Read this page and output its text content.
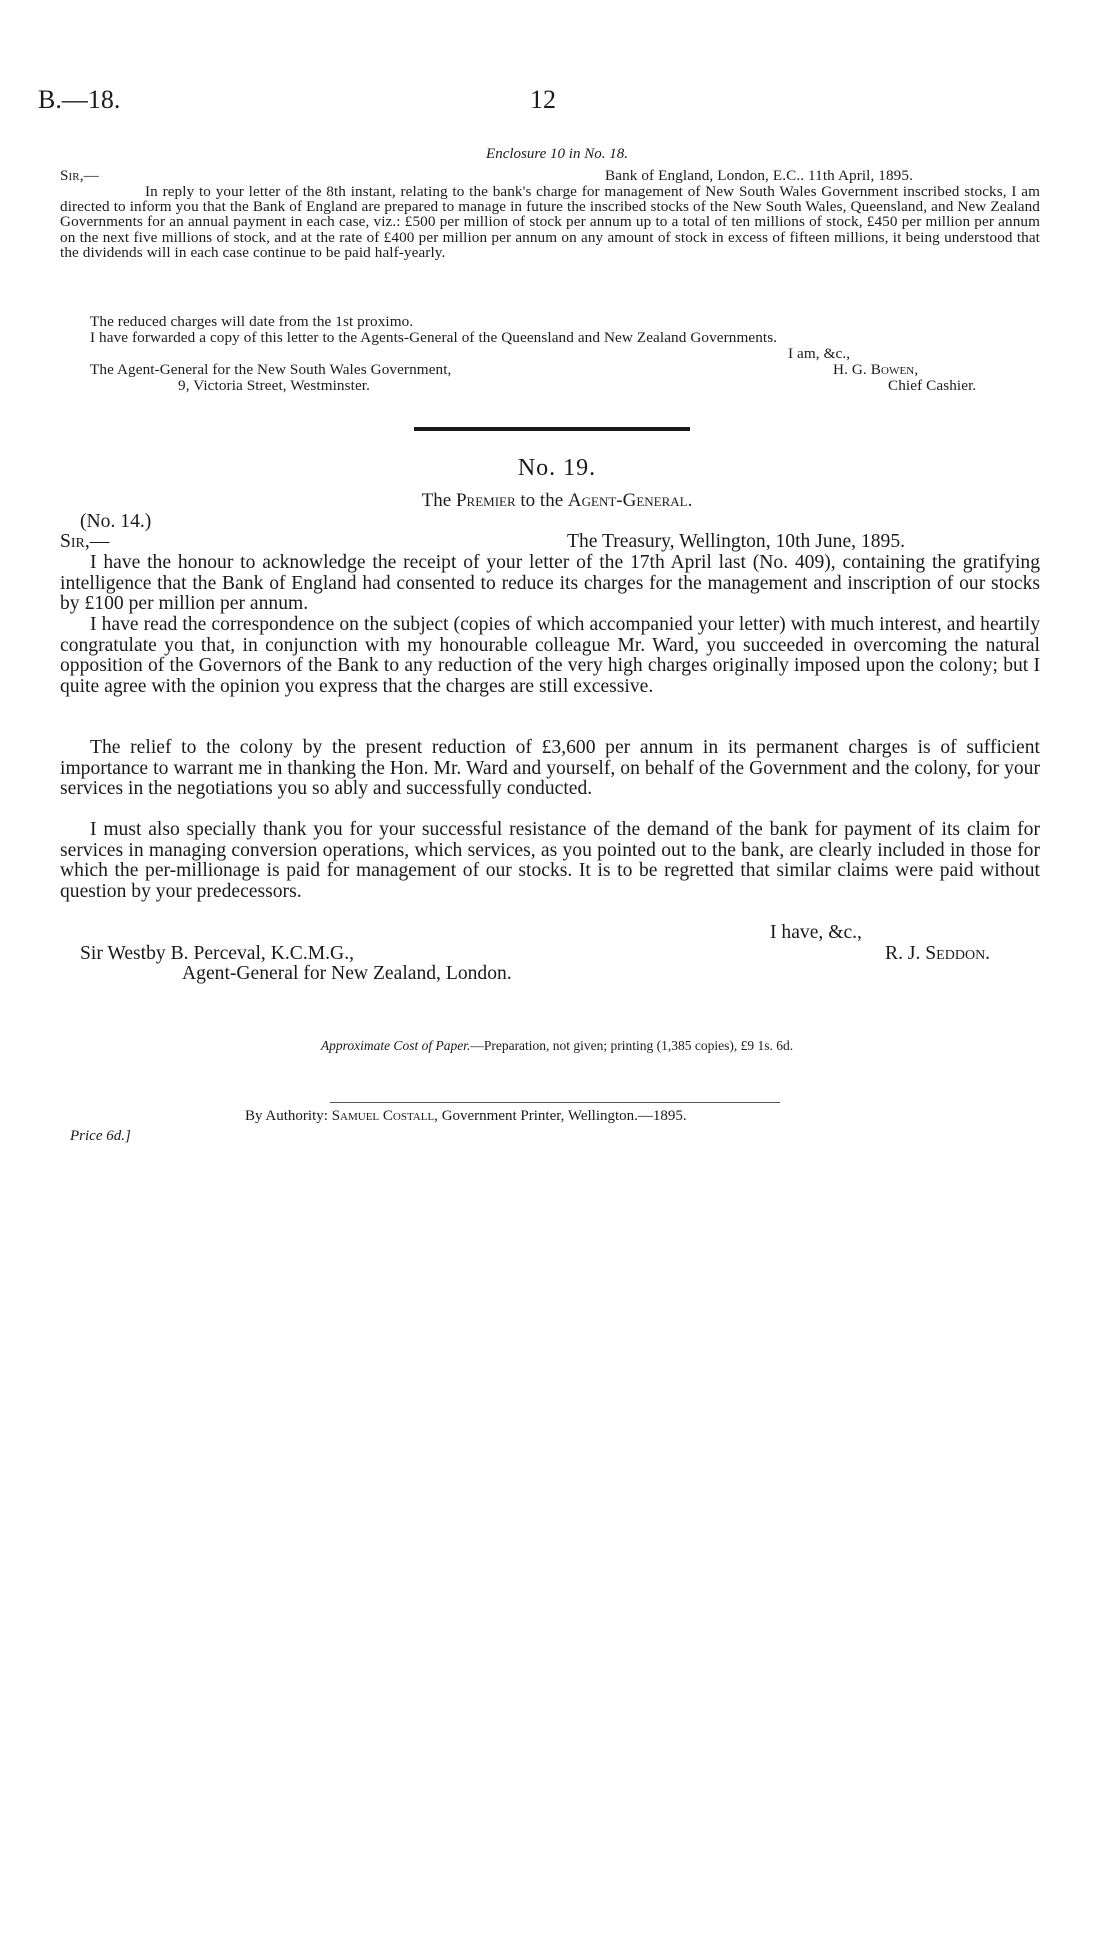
B.—18.	12
Enclosure 10 in No. 18.
Sir,—	Bank of England, London, E.C.. 11th April, 1895.
In reply to your letter of the 8th instant, relating to the bank's charge for management of New South Wales Government inscribed stocks, I am directed to inform you that the Bank of England are prepared to manage in future the inscribed stocks of the New South Wales, Queensland, and New Zealand Governments for an annual payment in each case, viz.: £500 per million of stock per annum up to a total of ten millions of stock, £450 per million per annum on the next five millions of stock, and at the rate of £400 per million per annum on any amount of stock in excess of fifteen millions, it being understood that the dividends will in each case continue to be paid half-yearly.
The reduced charges will date from the 1st proximo.
I have forwarded a copy of this letter to the Agents-General of the Queensland and New Zealand Governments.
I am, &c.,
The Agent-General for the New South Wales Government,	H. G. Bowen,
9, Victoria Street, Westminster.	Chief Cashier.
No. 19.
The Premier to the Agent-General.
(No. 14.)
Sir,—	The Treasury, Wellington, 10th June, 1895.
I have the honour to acknowledge the receipt of your letter of the 17th April last (No. 409), containing the gratifying intelligence that the Bank of England had consented to reduce its charges for the management and inscription of our stocks by £100 per million per annum.
I have read the correspondence on the subject (copies of which accompanied your letter) with much interest, and heartily congratulate you that, in conjunction with my honourable colleague Mr. Ward, you succeeded in overcoming the natural opposition of the Governors of the Bank to any reduction of the very high charges originally imposed upon the colony; but I quite agree with the opinion you express that the charges are still excessive.
The relief to the colony by the present reduction of £3,600 per annum in its permanent charges is of sufficient importance to warrant me in thanking the Hon. Mr. Ward and yourself, on behalf of the Government and the colony, for your services in the negotiations you so ably and successfully conducted.
I must also specially thank you for your successful resistance of the demand of the bank for payment of its claim for services in managing conversion operations, which services, as you pointed out to the bank, are clearly included in those for which the per-millionage is paid for management of our stocks. It is to be regretted that similar claims were paid without question by your predecessors.
I have, &c.,
Sir Westby B. Perceval, K.C.M.G.,	R. J. Seddon.
Agent-General for New Zealand, London.
Approximate Cost of Paper.—Preparation, not given; printing (1,385 copies), £9 1s. 6d.
By Authority: Samuel Costall, Government Printer, Wellington.—1895.
Price 6d.]
